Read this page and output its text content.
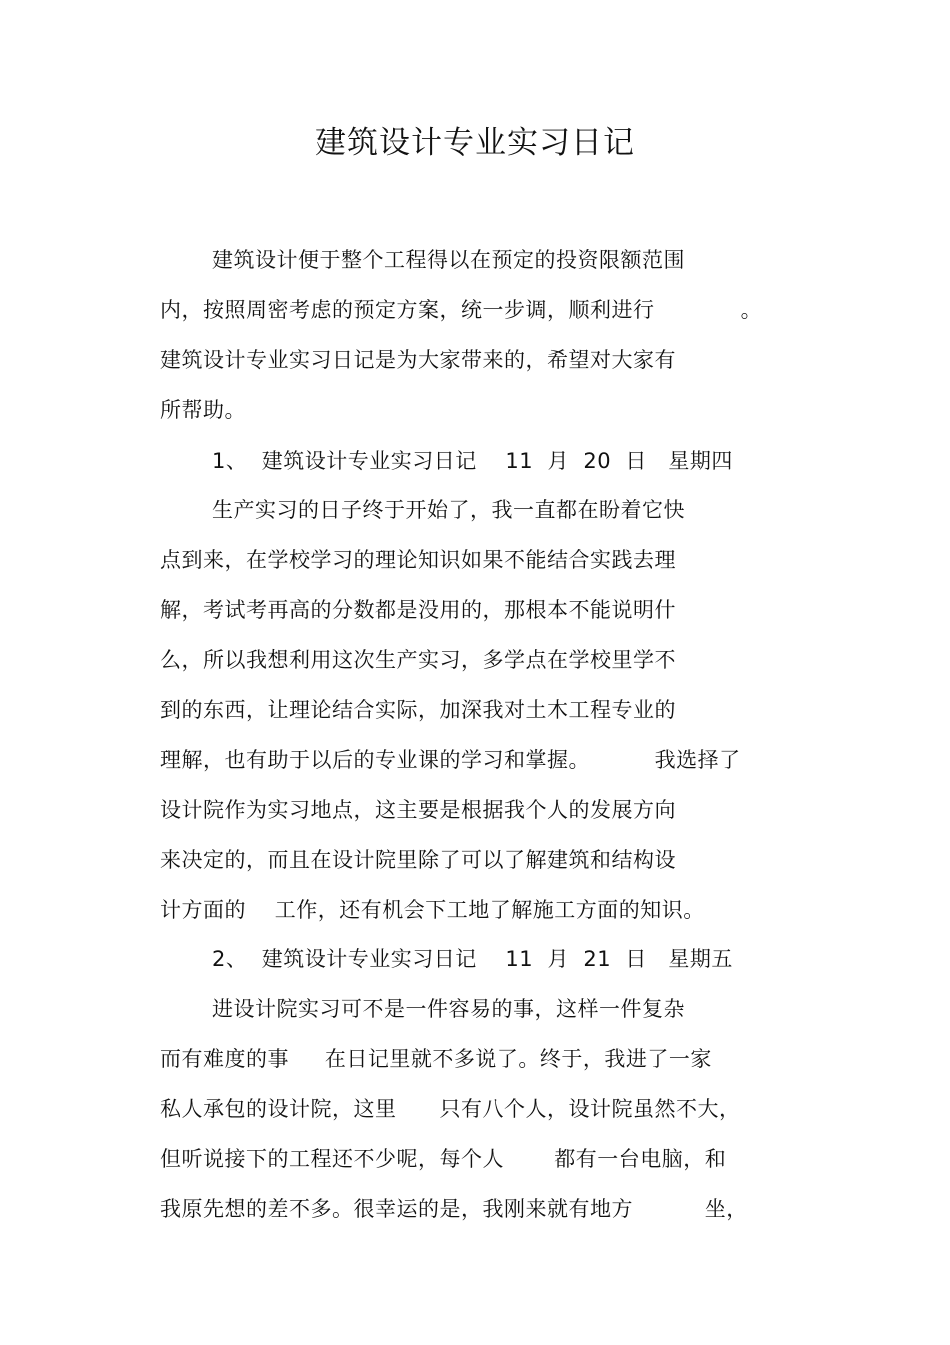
建筑设计专业实习日记
建筑设计便于整个工程得以在预定的投资限额范围
内，按照周密考虑的预定方案，统一步调，顺利进行            。
建筑设计专业实习日记是为大家带来的，希望对大家有
所帮助。
1、  建筑设计专业实习日记    11  月  20  日   星期四
生产实习的日子终于开始了，我一直都在盼着它快
点到来，在学校学习的理论知识如果不能结合实践去理
解，考试考再高的分数都是没用的，那根本不能说明什
么，所以我想利用这次生产实习，多学点在学校里学不
到的东西，让理论结合实际，加深我对土木工程专业的
理解，也有助于以后的专业课的学习和掌握。         我选择了
设计院作为实习地点，这主要是根据我个人的发展方向
来决定的，而且在设计院里除了可以了解建筑和结构设
计方面的    工作，还有机会下工地了解施工方面的知识。
2、  建筑设计专业实习日记    11  月  21  日   星期五
进设计院实习可不是一件容易的事，这样一件复杂
而有难度的事     在日记里就不多说了。终于，我进了一家
私人承包的设计院，这里      只有八个人，设计院虽然不大，
但听说接下的工程还不少呢，每个人       都有一台电脑，和
我原先想的差不多。很幸运的是，我刚来就有地方          坐，
